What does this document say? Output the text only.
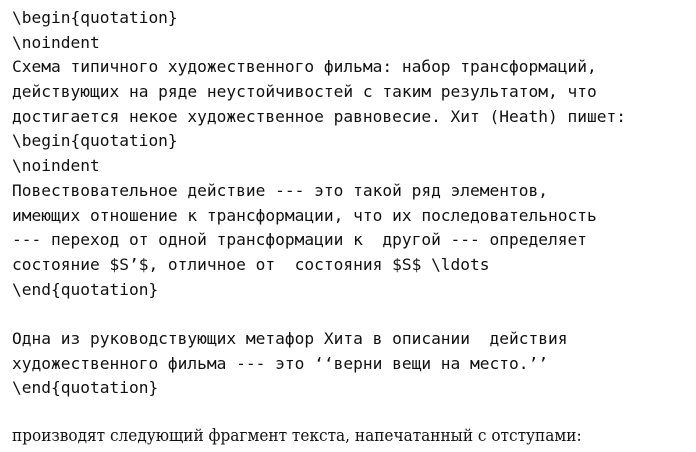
\begin{quotation}
\noindent
Схема типичного художественного фильма: набор трансформаций,
действующих на ряде неустойчивостей с таким результатом, что
достигается некое художественное равновесие. Хит (Heath) пишет:
\begin{quotation}
\noindent
Повествовательное действие --- это такой ряд элементов,
имеющих отношение к трансформации, что их последовательность
--- переход от одной трансформации к  другой --- определяет
состояние $S’$, отличное от  состояния $S$ \ldots
\end{quotation}
Одна из руководствующих метафор Хита в описании  действия
художественного фильма --- это ‘‘верни вещи на место.’’
\end{quotation}
производят следующий фрагмент текста, напечатанный с отступами:
